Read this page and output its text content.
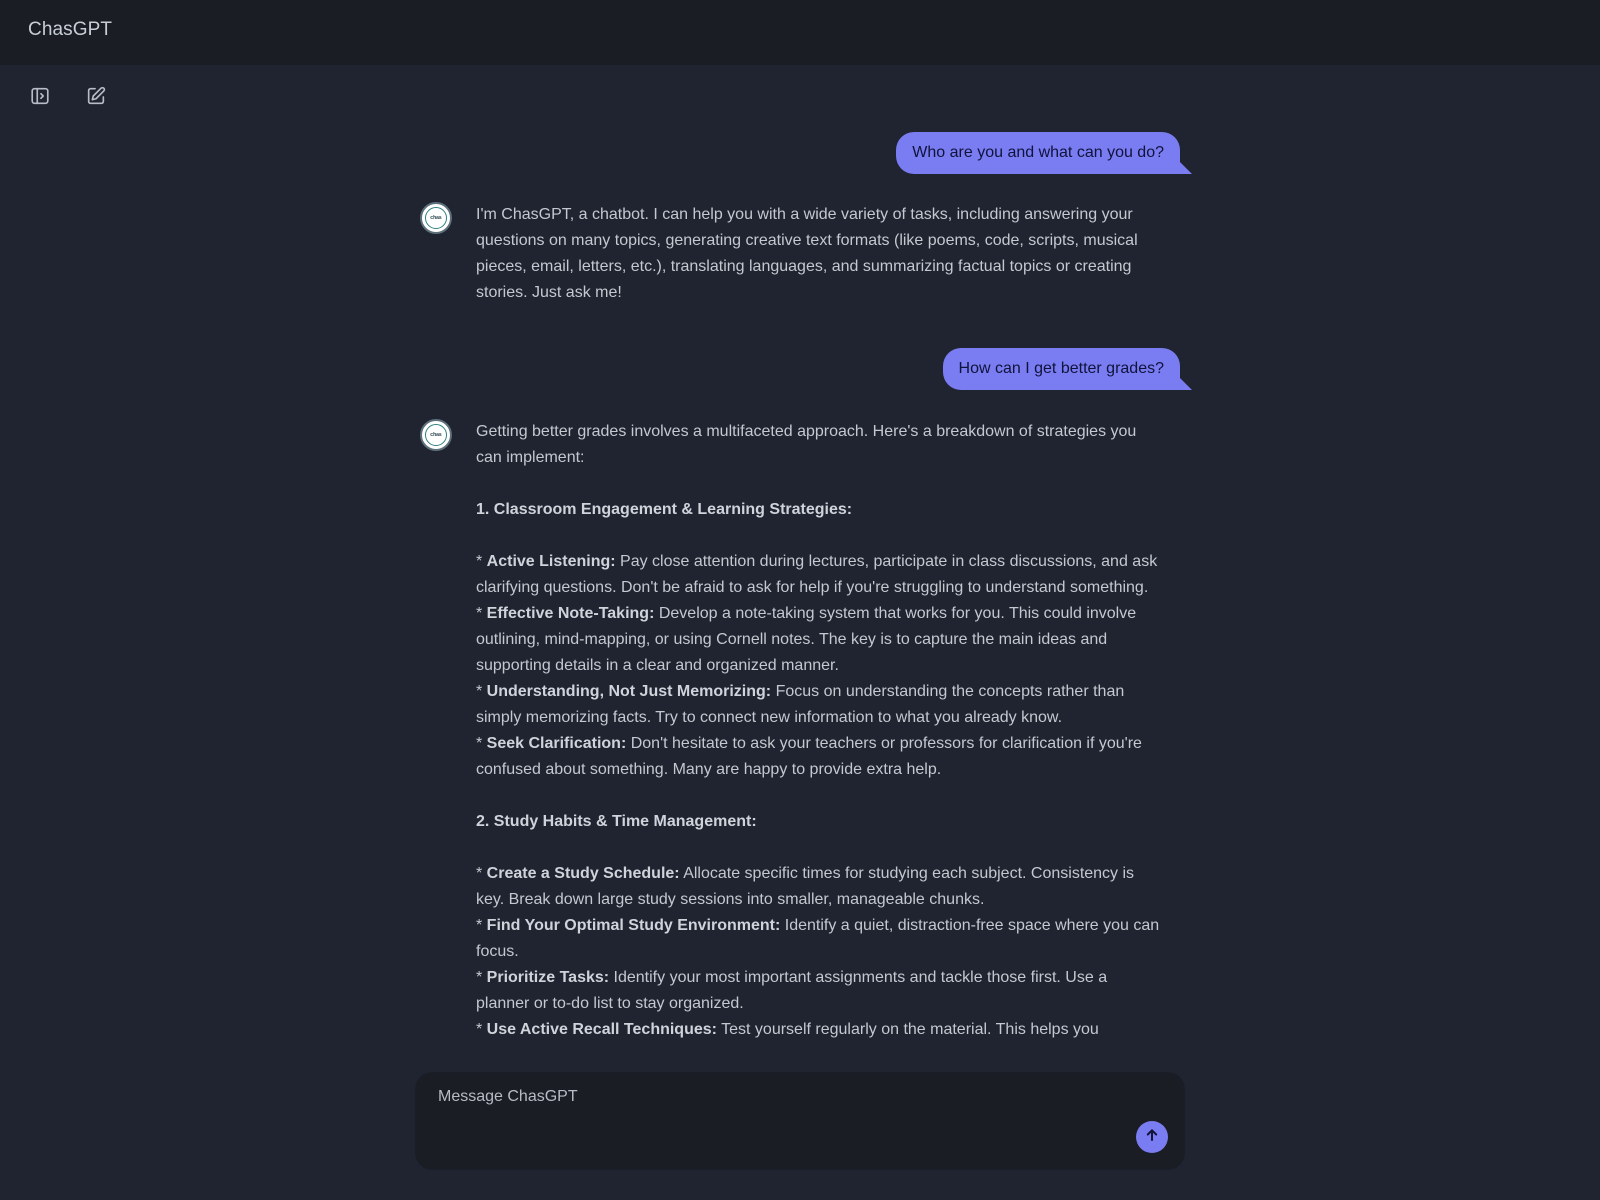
ChasGPT
Who are you and what can you do?
chas	I'm ChasGPT, a chatbot. I can help you with a wide variety of tasks, including answering your questions on many topics, generating creative text formats (like poems, code, scripts, musical pieces, email, letters, etc.), translating languages, and summarizing factual topics or creating stories. Just ask me!

How can I get better grades?
chas	Getting better grades involves a multifaceted approach. Here's a breakdown of strategies you can implement:

1. Classroom Engagement & Learning Strategies:

* Active Listening: Pay close attention during lectures, participate in class discussions, and ask clarifying questions. Don't be afraid to ask for help if you're struggling to understand something.

* Effective Note-Taking: Develop a note-taking system that works for you. This could involve outlining, mind-mapping, or using Cornell notes. The key is to capture the main ideas and supporting details in a clear and organized manner.

* Understanding, Not Just Memorizing: Focus on understanding the concepts rather than simply memorizing facts. Try to connect new information to what you already know.

* Seek Clarification: Don't hesitate to ask your teachers or professors for clarification if you're confused about something. Many are happy to provide extra help.

2. Study Habits & Time Management:

* Create a Study Schedule: Allocate specific times for studying each subject. Consistency is key. Break down large study sessions into smaller, manageable chunks.

* Find Your Optimal Study Environment: Identify a quiet, distraction-free space where you can focus.

* Prioritize Tasks: Identify your most important assignments and tackle those first. Use a planner or to-do list to stay organized.

* Use Active Recall Techniques: Test yourself regularly on the material. This helps you

Message ChasGPT
